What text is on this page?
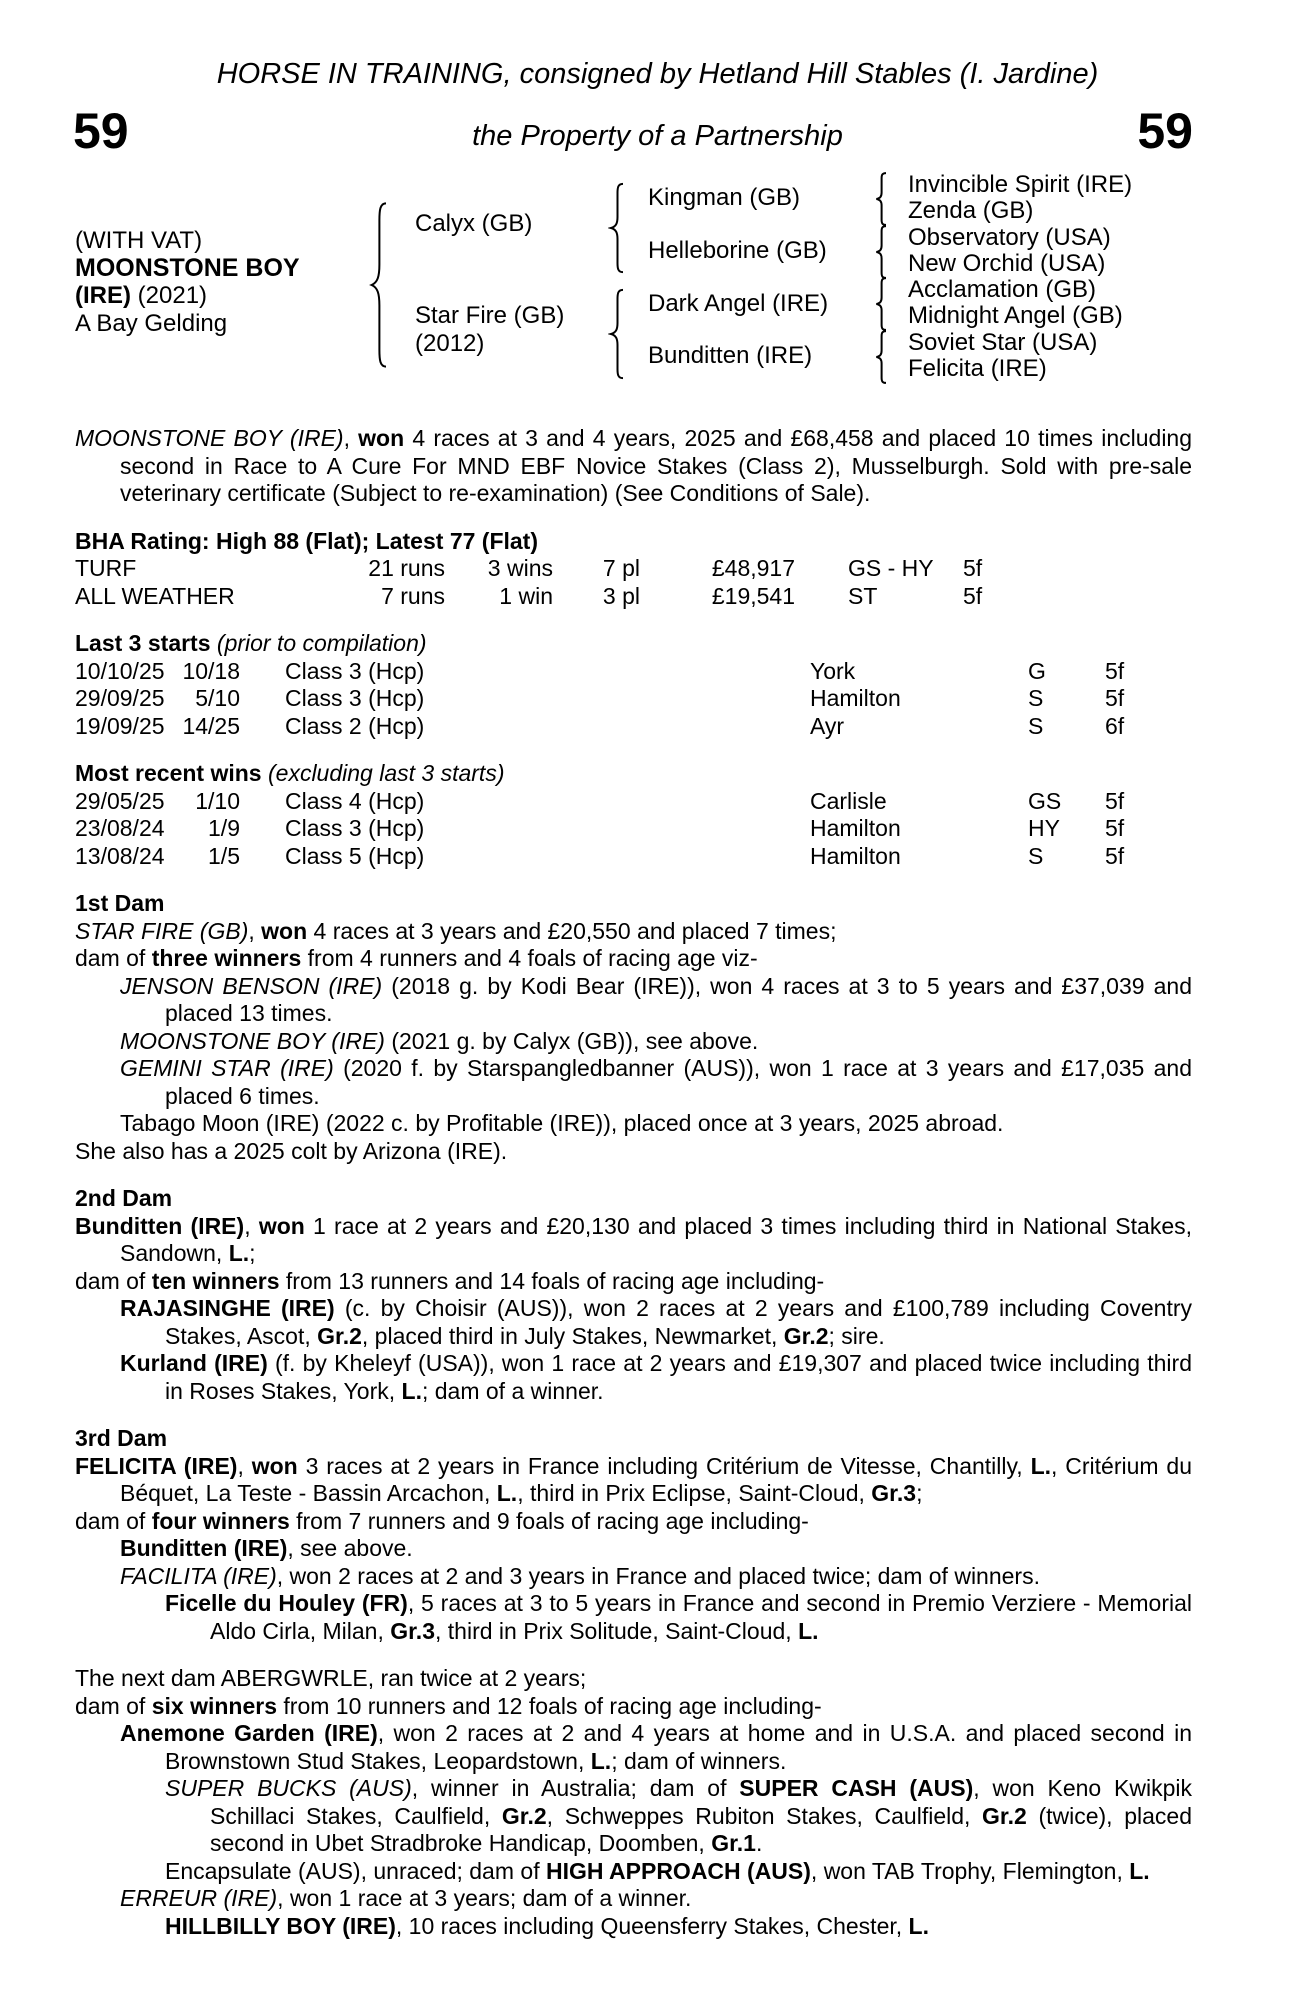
HORSE IN TRAINING, consigned by Hetland Hill Stables (I. Jardine)
59	the Property of a Partnership	59
(WITH VAT)
MOONSTONE BOY
(IRE) (2021)
A Bay Gelding
Calyx (GB)
Star Fire (GB)
(2012)
Kingman (GB)
Helleborine (GB)
Dark Angel (IRE)
Bunditten (IRE)
Invincible Spirit (IRE)
Zenda (GB)
Observatory (USA)
New Orchid (USA)
Acclamation (GB)
Midnight Angel (GB)
Soviet Star (USA)
Felicita (IRE)
MOONSTONE BOY (IRE), won 4 races at 3 and 4 years, 2025 and £68,458 and placed 10 times including second in Race to A Cure For MND EBF Novice Stakes (Class 2), Musselburgh. Sold with pre-sale veterinary certificate (Subject to re-examination) (See Conditions of Sale).
BHA Rating: High 88 (Flat); Latest 77 (Flat)
TURF	21 runs	3 wins	7 pl	£48,917 GS - HY 5f
ALL WEATHER	7 runs	1 win	3 pl	£19,541 ST	5f
Last 3 starts (prior to compilation)
10/10/25 10/18 Class 3 (Hcp)	York	G	5f
29/09/25	5/10 Class 3 (Hcp)	Hamilton	S	5f
19/09/25 14/25 Class 2 (Hcp)	Ayr	S	6f
Most recent wins (excluding last 3 starts)
29/05/25	1/10 Class 4 (Hcp)	Carlisle	GS 5f
23/08/24	1/9 Class 3 (Hcp)	Hamilton	HY 5f
13/08/24	1/5 Class 5 (Hcp)	Hamilton	S	5f
1st Dam
STAR FIRE (GB), won 4 races at 3 years and £20,550 and placed 7 times;
dam of three winners from 4 runners and 4 foals of racing age viz-
JENSON BENSON (IRE) (2018 g. by Kodi Bear (IRE)), won 4 races at 3 to 5 years and £37,039 and placed 13 times.
MOONSTONE BOY (IRE) (2021 g. by Calyx (GB)), see above.
GEMINI STAR (IRE) (2020 f. by Starspangledbanner (AUS)), won 1 race at 3 years and £17,035 and placed 6 times.
Tabago Moon (IRE) (2022 c. by Profitable (IRE)), placed once at 3 years, 2025 abroad.
She also has a 2025 colt by Arizona (IRE).
2nd Dam
Bunditten (IRE), won 1 race at 2 years and £20,130 and placed 3 times including third in National Stakes, Sandown, L.;
dam of ten winners from 13 runners and 14 foals of racing age including-
RAJASINGHE (IRE) (c. by Choisir (AUS)), won 2 races at 2 years and £100,789 including Coventry Stakes, Ascot, Gr.2, placed third in July Stakes, Newmarket, Gr.2; sire.
Kurland (IRE) (f. by Kheleyf (USA)), won 1 race at 2 years and £19,307 and placed twice including third in Roses Stakes, York, L.; dam of a winner.
3rd Dam
FELICITA (IRE), won 3 races at 2 years in France including Critérium de Vitesse, Chantilly, L., Critérium du Béquet, La Teste - Bassin Arcachon, L., third in Prix Eclipse, Saint-Cloud, Gr.3;
dam of four winners from 7 runners and 9 foals of racing age including-
Bunditten (IRE), see above.
FACILITA (IRE), won 2 races at 2 and 3 years in France and placed twice; dam of winners.
Ficelle du Houley (FR), 5 races at 3 to 5 years in France and second in Premio Verziere - Memorial Aldo Cirla, Milan, Gr.3, third in Prix Solitude, Saint-Cloud, L.
The next dam ABERGWRLE, ran twice at 2 years;
dam of six winners from 10 runners and 12 foals of racing age including-
Anemone Garden (IRE), won 2 races at 2 and 4 years at home and in U.S.A. and placed second in Brownstown Stud Stakes, Leopardstown, L.; dam of winners.
SUPER BUCKS (AUS), winner in Australia; dam of SUPER CASH (AUS), won Keno Kwikpik Schillaci Stakes, Caulfield, Gr.2, Schweppes Rubiton Stakes, Caulfield, Gr.2 (twice), placed second in Ubet Stradbroke Handicap, Doomben, Gr.1.
Encapsulate (AUS), unraced; dam of HIGH APPROACH (AUS), won TAB Trophy, Flemington, L.
ERREUR (IRE), won 1 race at 3 years; dam of a winner.
HILLBILLY BOY (IRE), 10 races including Queensferry Stakes, Chester, L.
